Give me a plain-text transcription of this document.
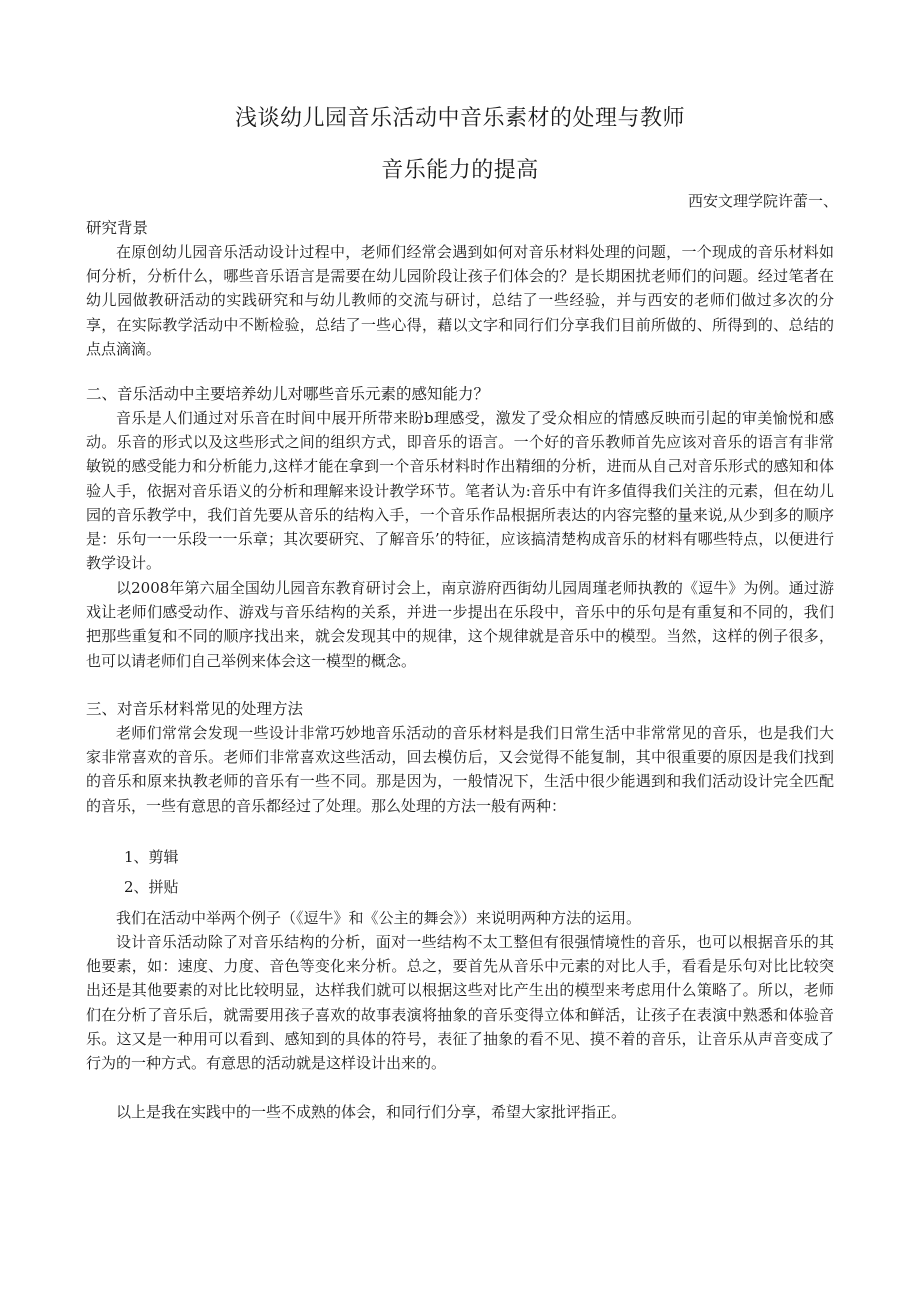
浅谈幼儿园音乐活动中音乐素材的处理与教师
音乐能力的提高
西安文理学院许蕾一、
研究背景

在原创幼儿园音乐活动设计过程中，老师们经常会遇到如何对音乐材料处理的问题，一个现成的音乐材料如何分析，分析什么，哪些音乐语言是需要在幼儿园阶段让孩子们体会的？是长期困扰老师们的问题。经过笔者在幼儿园做教研活动的实践研究和与幼儿教师的交流与研讨，总结了一些经验，并与西安的老师们做过多次的分享，在实际教学活动中不断检验，总结了一些心得，藉以文字和同行们分享我们目前所做的、所得到的、总结的点点滴滴。

二、音乐活动中主要培养幼儿对哪些音乐元素的感知能力？

音乐是人们通过对乐音在时间中展开所带来盼b理感受，激发了受众相应的情感反映而引起的审美愉悦和感动。乐音的形式以及这些形式之间的组织方式，即音乐的语言。一个好的音乐教师首先应该对音乐的语言有非常敏锐的感受能力和分析能力,这样才能在拿到一个音乐材料时作出精细的分析，进而从自己对音乐形式的感知和体验人手，依据对音乐语义的分析和理解来设计教学环节。笔者认为:音乐中有许多值得我们关注的元素，但在幼儿园的音乐教学中，我们首先要从音乐的结构入手，一个音乐作品根据所表达的内容完整的量来说,从少到多的顺序是：乐句一一乐段一一乐章；其次要研究、了解音乐’的特征，应该搞清楚构成音乐的材料有哪些特点，以便进行教学设计。

以2008年第六届全国幼儿园音东教育研讨会上，南京游府西街幼儿园周瑾老师执教的《逗牛》为例。通过游戏让老师们感受动作、游戏与音乐结构的关系，并进一步提出在乐段中，音乐中的乐句是有重复和不同的，我们把那些重复和不同的顺序找出来，就会发现其中的规律，这个规律就是音乐中的模型。当然，这样的例子很多，也可以请老师们自己举例来体会这一模型的概念。

三、对音乐材料常见的处理方法

老师们常常会发现一些设计非常巧妙地音乐活动的音乐材料是我们日常生活中非常常见的音乐，也是我们大家非常喜欢的音乐。老师们非常喜欢这些活动，回去模仿后，又会觉得不能复制，其中很重要的原因是我们找到的音乐和原来执教老师的音乐有一些不同。那是因为，一般情况下，生活中很少能遇到和我们活动设计完全匹配的音乐，一些有意思的音乐都经过了处理。那么处理的方法一般有两种：

1、剪辑
2、拼贴

我们在活动中举两个例子（《逗牛》和《公主的舞会》）来说明两种方法的运用。

设计音乐活动除了对音乐结构的分析，面对一些结构不太工整但有很强情境性的音乐，也可以根据音乐的其他要素，如：速度、力度、音色等变化来分析。总之，要首先从音乐中元素的对比人手，看看是乐句对比比较突出还是其他要素的对比比较明显，达样我们就可以根据这些对比产生出的模型来考虑用什么策略了。所以，老师们在分析了音乐后，就需要用孩子喜欢的故事表演将抽象的音乐变得立体和鲜活，让孩子在表演中熟悉和体验音乐。这又是一种用可以看到、感知到的具体的符号，表征了抽象的看不见、摸不着的音乐，让音乐从声音变成了行为的一种方式。有意思的活动就是这样设计出来的。

以上是我在实践中的一些不成熟的体会，和同行们分享，希望大家批评指正。
